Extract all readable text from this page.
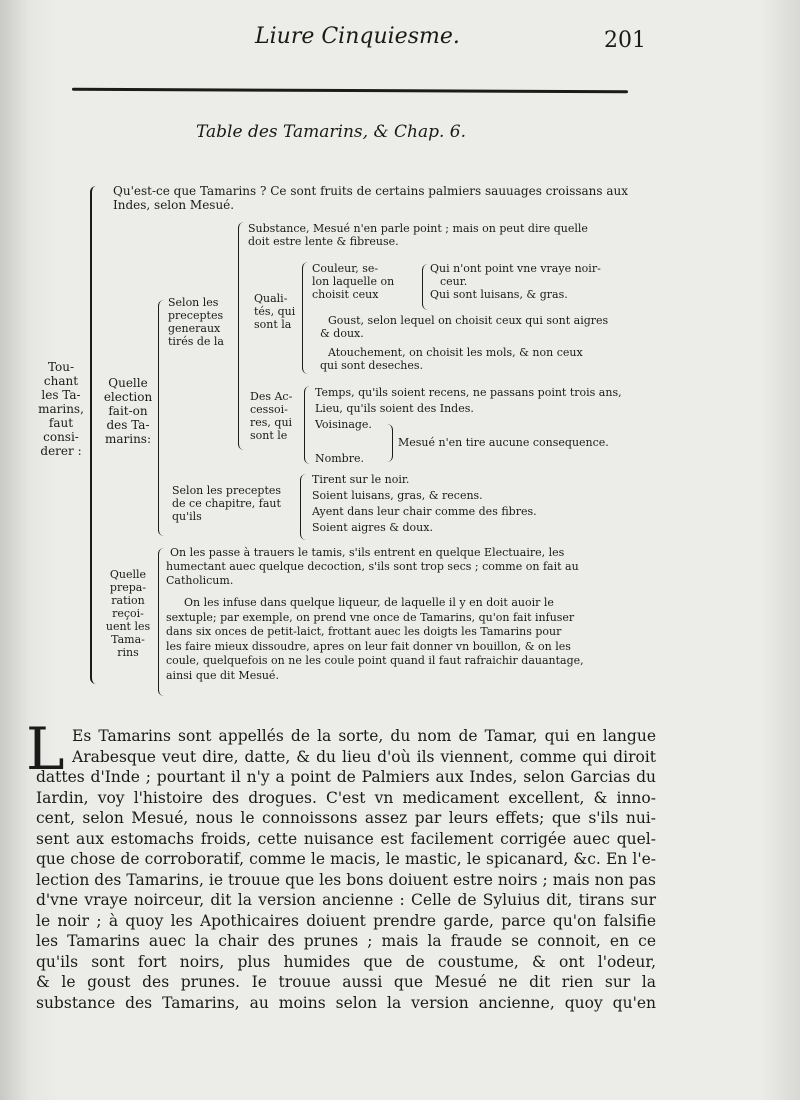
Liure Cinquiesme.	201
Table des Tamarins, & Chap. 6.
Tou-
chant
les Ta-
marins,
faut
consi-
derer :
Qu'est-ce que Tamarins ? Ce sont fruits de certains palmiers sauuages croissans aux
Indes, selon Mesué.
Quelle
election
fait-on
des Ta-
marins:
Selon les
preceptes
generaux
tirés de la
Substance, Mesué n'en parle point ; mais on peut dire quelle
doit estre lente & fibreuse.
Quali-
tés, qui
sont la
Couleur, se-
lon laquelle on
choisit ceux
Qui n'ont point vne vraye noir-
ceur.
Qui sont luisans, & gras.
Goust, selon lequel on choisit ceux qui sont aigres
& doux.
Atouchement, on choisit les mols, & non ceux
qui sont deseches.
Des Ac-
cessoi-
res, qui
sont le
Temps, qu'ils soient recens, ne passans point trois ans,
Lieu, qu'ils soient des Indes.
Voisinage.
Nombre.
Mesué n'en tire aucune consequence.
Selon les preceptes
de ce chapitre, faut
qu'ils
Tirent sur le noir.
Soient luisans, gras, & recens.
Ayent dans leur chair comme des fibres.
Soient aigres & doux.
Quelle
prepa-
ration
reçoi-
uent les
Tama-
rins
On les passe à trauers le tamis, s'ils entrent en quelque Electuaire, les
humectant auec quelque decoction, s'ils sont trop secs ; comme on fait au
Catholicum.
On les infuse dans quelque liqueur, de laquelle il y en doit auoir le
sextuple; par exemple, on prend vne once de Tamarins, qu'on fait infuser
dans six onces de petit-laict, frottant auec les doigts les Tamarins pour
les faire mieux dissoudre, apres on leur fait donner vn bouillon, & on les
coule, quelquefois on ne les coule point quand il faut rafraichir dauantage,
ainsi que dit Mesué.
L Es Tamarins sont appellés de la sorte, du nom de Tamar, qui en langue
Arabesque veut dire, datte, & du lieu d'où ils viennent, comme qui diroit
dattes d'Inde ; pourtant il n'y a point de Palmiers aux Indes, selon Garcias du
Iardin, voy l'histoire des drogues. C'est vn medicament excellent, & inno-
cent, selon Mesué, nous le connoissons assez par leurs effets; que s'ils nui-
sent aux estomachs froids, cette nuisance est facilement corrigée auec quel-
que chose de corroboratif, comme le macis, le mastic, le spicanard, &c. En l'e-
lection des Tamarins, ie trouue que les bons doiuent estre noirs ; mais non pas
d'vne vraye noirceur, dit la version ancienne : Celle de Syluius dit, tirans sur
le noir ; à quoy les Apothicaires doiuent prendre garde, parce qu'on falsifie
les Tamarins auec la chair des prunes ; mais la fraude se connoit, en ce
qu'ils sont fort noirs, plus humides que de coustume, & ont l'odeur,
& le goust des prunes. Ie trouue aussi que Mesué ne dit rien sur la
substance des Tamarins, au moins selon la version ancienne, quoy qu'en
